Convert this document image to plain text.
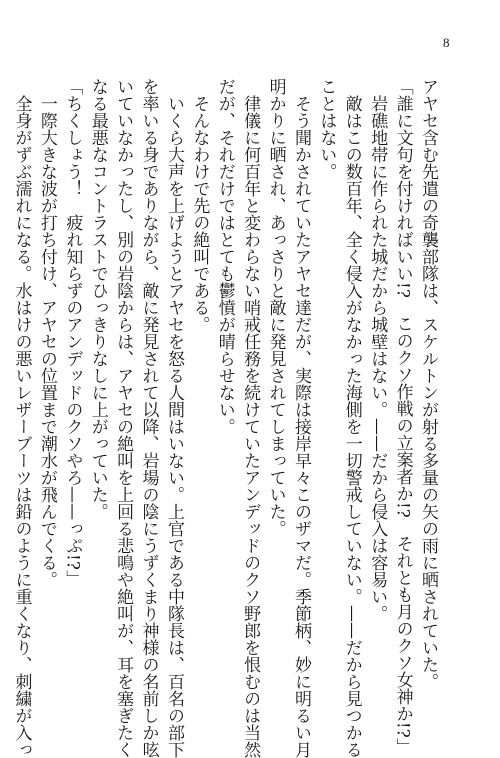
8
アヤセ含む先遣の奇襲部隊は、スケルトンが射る多量の矢の雨に晒されていた。
「誰に文句を付ければいい!?　このクソ作戦の立案者か!?　それとも月のクソ女神か!?」
　岩礁地帯に作られた城だから城壁はない。——だから侵入は容易い。
　敵はこの数百年、全く侵入がなかった海側を一切警戒していない。——だから見つかる
ことはない。
　そう聞かされていたアヤセ達だが、実際は接岸早々このザマだ。季節柄、妙に明るい月
明かりに晒され、あっさりと敵に発見されてしまっていた。
　律儀に何百年と変わらない哨戒任務を続けていたアンデッドのクソ野郎を恨むのは当然
だが、それだけではとても鬱憤が晴らせない。
　そんなわけで先の絶叫である。
　いくら大声を上げようとアヤセを怒る人間はいない。上官である中隊長は、百名の部下
を率いる身でありながら、敵に発見されて以降、岩場の陰にうずくまり神様の名前しか呟
いていなかったし、別の岩陰からは、アヤセの絶叫を上回る悲鳴や絶叫が、耳を塞ぎたく
なる最悪なコントラストでひっきりなしに上がっていた。
「ちくしょう！　疲れ知らずのアンデッドのクソやろ——っぷ!?」
　一際大きな波が打ち付け、アヤセの位置まで潮水が飛んでくる。
　全身がずぶ濡れになる。水はけの悪いレザーブーツは鉛のように重くなり、刺繍が入っ
